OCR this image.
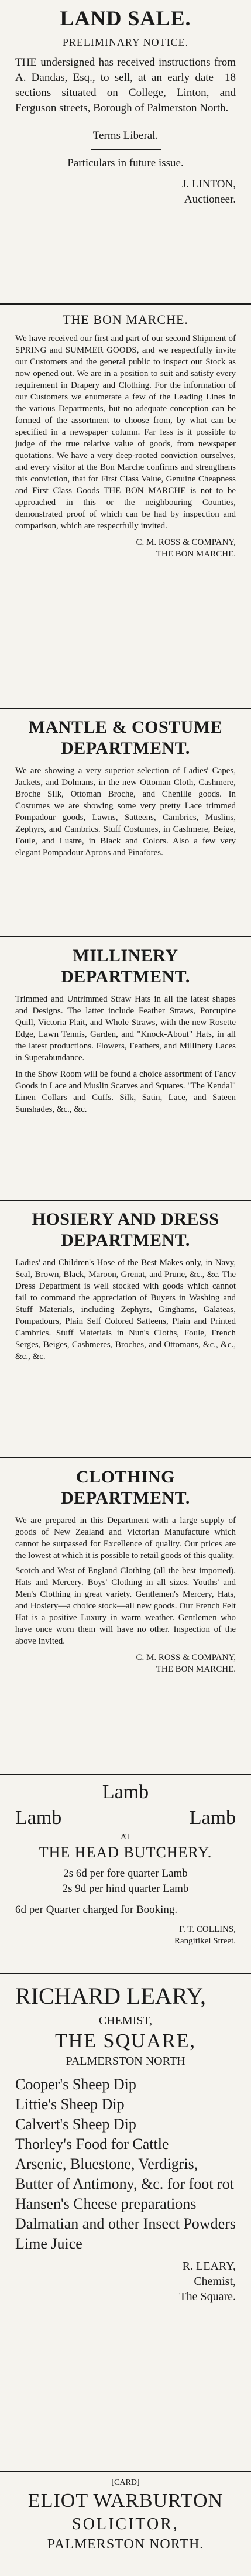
LAND SALE.
PRELIMINARY NOTICE.

THE undersigned has received instructions from A. Dandas, Esq., to sell, at an early date—18 sections situated on College, Linton, and Ferguson streets, Borough of Palmerston North.

Terms Liberal.
Particulars in future issue.
J. LINTON,
Auctioneer.
THE BON MARCHE.

We have received our first and part of our second Shipment of SPRING and SUMMER GOODS, and we respectfully invite our Customers and the general public to inspect our Stock as now opened out. We are in a position to suit and satisfy every requirement in Drapery and Clothing. For the information of our Customers we enumerate a few of the Leading Lines in the various Departments, but no adequate conception can be formed of the assortment to choose from, by what can be specified in a newspaper column. Far less is it possible to judge of the true relative value of goods, from newspaper quotations. We have a very deep-rooted conviction ourselves, and every visitor at the Bon Marche confirms and strengthens this conviction, that for First Class Value, Genuine Cheapness and First Class Goods THE BON MARCHE is not to be approached in this or the neighbouring Counties, demonstrated proof of which can be had by inspection and comparison, which are respectfully invited.

C. M. ROSS & COMPANY,
THE BON MARCHE.
MANTLE & COSTUME DEPARTMENT.

We are showing a very superior selection of Ladies' Capes, Jackets, and Dolmans, in the new Ottoman Cloth, Cashmere, Broche Silk, Ottoman Broche, and Chenille goods. In Costumes we are showing some very pretty Lace trimmed Pompadour goods, Lawns, Satteens, Cambrics, Muslins, Zephyrs, and Cambrics. Stuff Costumes, in Cashmere, Beige, Foule, and Lustre, in Black and Colors. Also a few very elegant Pompadour Aprons and Pinafores.

MILLINERY DEPARTMENT.

Trimmed and Untrimmed Straw Hats in all the latest shapes and Designs. The latter include Feather Straws, Porcupine Quill, Victoria Plait, and Whole Straws, with the new Rosette Edge, Lawn Tennis, Garden, and "Knock-About" Hats, in all the latest productions. Flowers, Feathers, and Millinery Laces in Superabundance.

In the Show Room will be found a choice assortment of Fancy Goods in Lace and Muslin Scarves and Squares. "The Kendal" Linen Collars and Cuffs. Silk, Satin, Lace, and Sateen Sunshades, &c., &c.

HOSIERY AND DRESS DEPARTMENT.

Ladies' and Children's Hose of the Best Makes only, in Navy, Seal, Brown, Black, Maroon, Grenat, and Prune, &c., &c. The Dress Department is well stocked with goods which cannot fail to command the appreciation of Buyers in Washing and Stuff Materials, including Zephyrs, Ginghams, Galateas, Pompadours, Plain Self Colored Satteens, Plain and Printed Cambrics. Stuff Materials in Nun's Cloths, Foule, French Serges, Beiges, Cashmeres, Broches, and Ottomans, &c., &c., &c., &c.

CLOTHING DEPARTMENT.

We are prepared in this Department with a large supply of goods of New Zealand and Victorian Manufacture which cannot be surpassed for Excellence of quality. Our prices are the lowest at which it is possible to retail goods of this quality.

Scotch and West of England Clothing (all the best imported). Hats and Mercery. Boys' Clothing in all sizes. Youths' and Men's Clothing in great variety. Gentlemen's Mercery, Hats, and Hosiery—a choice stock—all new goods. Our French Felt Hat is a positive Luxury in warm weather. Gentlemen who have once worn them will have no other. Inspection of the above invited.

C. M. ROSS & COMPANY,
THE BON MARCHE.
Lamb
Lamb	Lamb
AT
THE HEAD BUTCHERY.
2s 6d per fore quarter Lamb
2s 9d per hind quarter Lamb
6d per Quarter charged for Booking.
F. T. COLLINS,
Rangitikei Street.
RICHARD LEARY,
CHEMIST,
THE SQUARE,
PALMERSTON NORTH

Cooper's Sheep Dip

Littie's Sheep Dip

Calvert's Sheep Dip

Thorley's Food for Cattle

Arsenic, Bluestone, Verdigris, Butter of Antimony, &c. for foot rot

Hansen's Cheese preparations

Dalmatian and other Insect Powders

Lime Juice

R. LEARY,
Chemist,
The Square.
[CARD]
ELIOT WARBURTON
SOLICITOR,
PALMERSTON NORTH.
